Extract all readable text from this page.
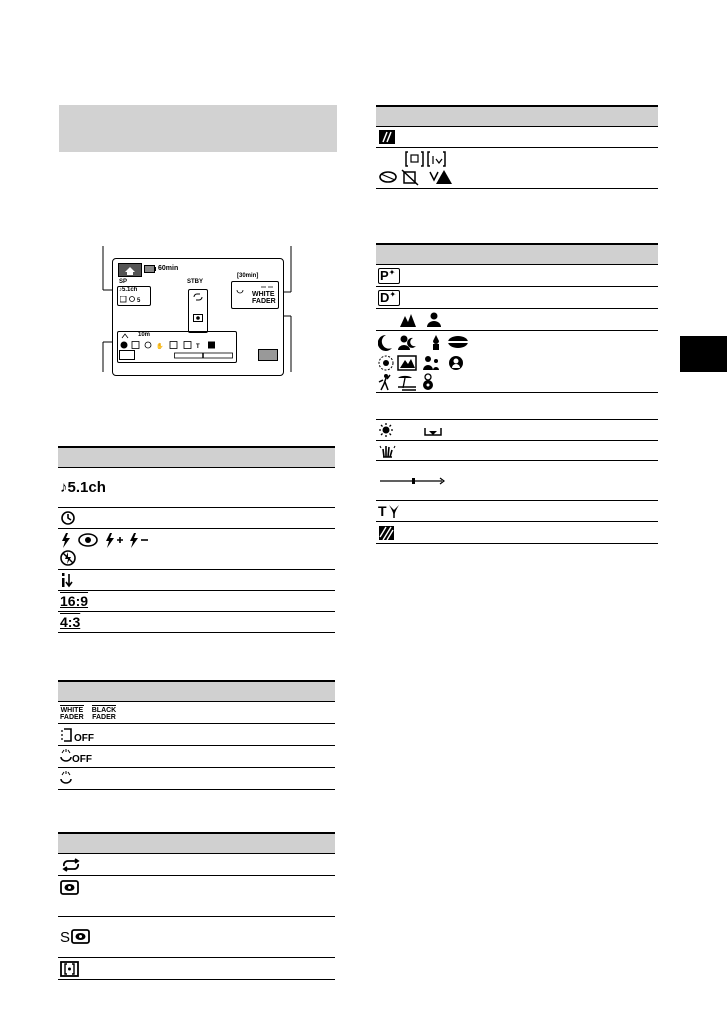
60min
SP
♪5.1ch
5
STBY
[30min]
WHITE
FADER
10m
✋	T
♪5.1ch
16:9
4:3
WHITE
FADER
BLACK
FADER
OFF
OFF
S
P ✦
D ✦
T
